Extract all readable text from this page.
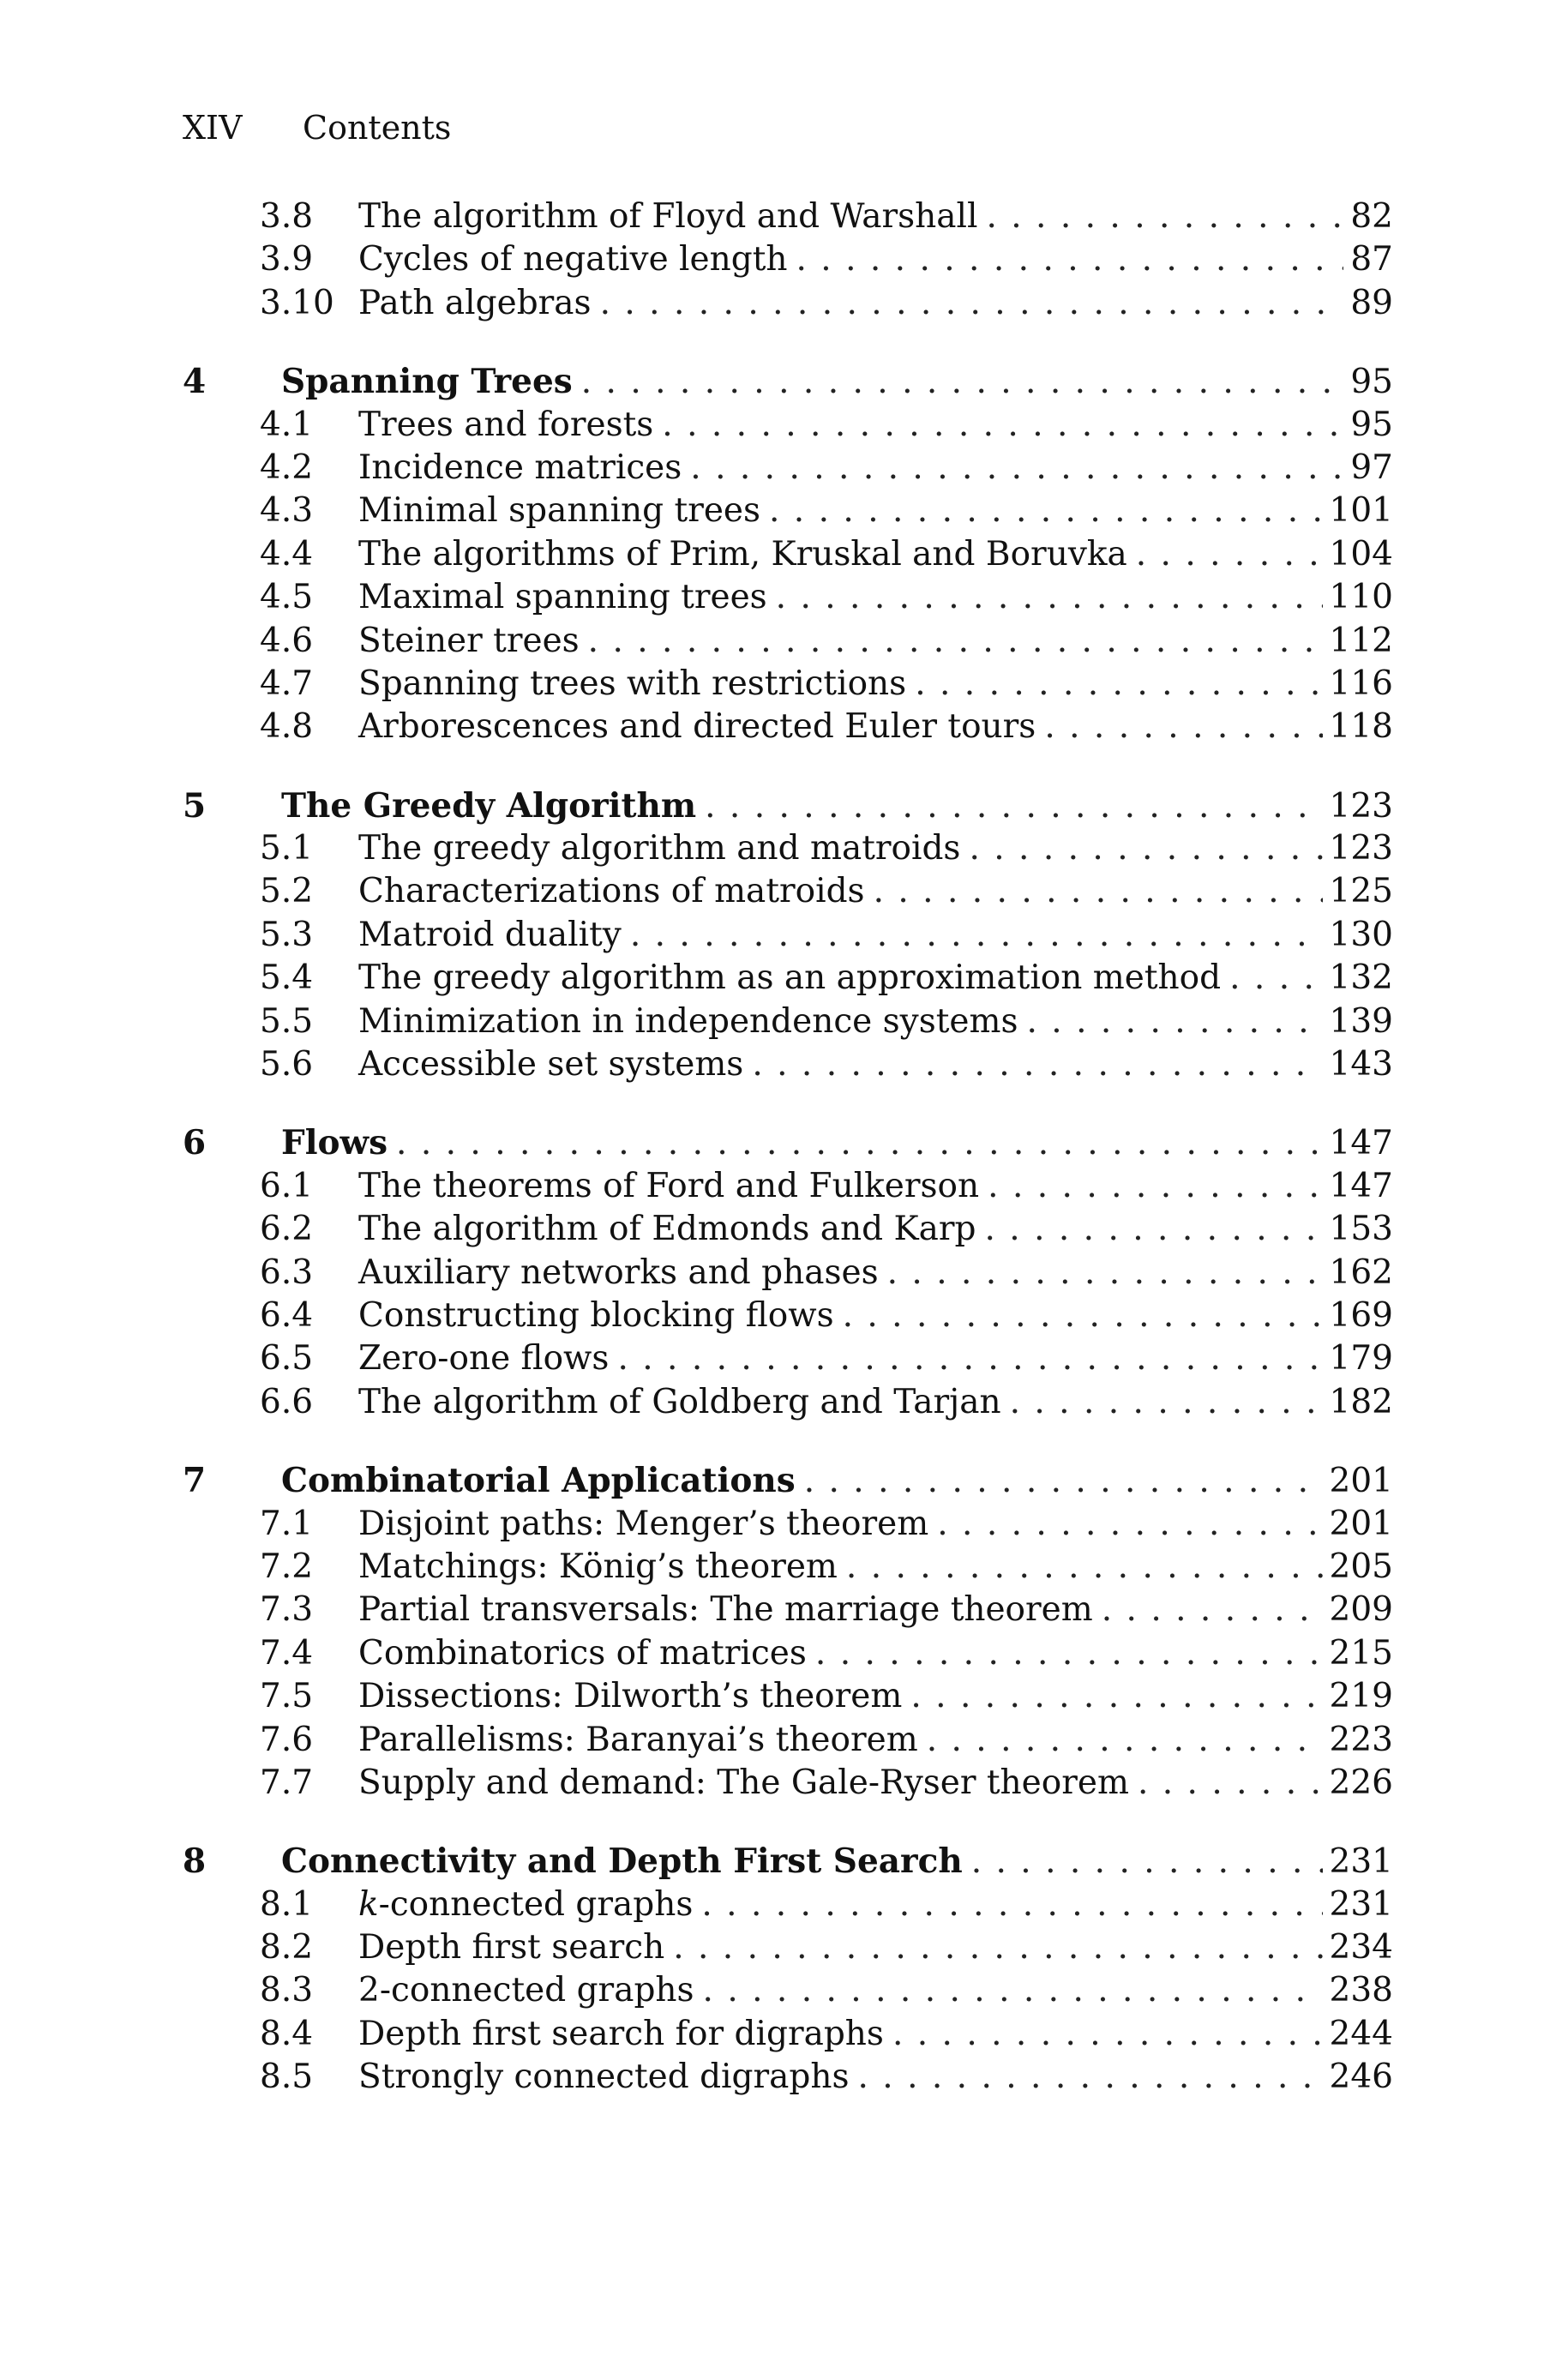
XIV Contents
3.8	The algorithm of Floyd and Warshall . . .	82
3.9	Cycles of negative length . . .	87
3.10 Path algebras . . .	89
4	Spanning Trees . . .	95
4.1	Trees and forests . . .	95
4.2	Incidence matrices . . .	97
4.3	Minimal spanning trees . . .	101
4.4	The algorithms of Prim, Kruskal and Boruvka . . .	104
4.5	Maximal spanning trees . . .	110
4.6	Steiner trees . . .	112
4.7	Spanning trees with restrictions . . .	116
4.8	Arborescences and directed Euler tours . . .	118
5	The Greedy Algorithm . . .	123
5.1	The greedy algorithm and matroids . . .	123
5.2	Characterizations of matroids . . .	125
5.3	Matroid duality . . .	130
5.4	The greedy algorithm as an approximation method . . .	132
5.5	Minimization in independence systems . . .	139
5.6	Accessible set systems . . .	143
6	Flows . . .	147
6.1	The theorems of Ford and Fulkerson . . .	147
6.2	The algorithm of Edmonds and Karp . . .	153
6.3	Auxiliary networks and phases . . .	162
6.4	Constructing blocking flows . . .	169
6.5	Zero-one flows . . .	179
6.6	The algorithm of Goldberg and Tarjan . . .	182
7	Combinatorial Applications . . .	201
7.1	Disjoint paths: Menger’s theorem . . .	201
7.2	Matchings: König’s theorem . . .	205
7.3	Partial transversals: The marriage theorem . . .	209
7.4	Combinatorics of matrices . . .	215
7.5	Dissections: Dilworth’s theorem . . .	219
7.6	Parallelisms: Baranyai’s theorem . . .	223
7.7	Supply and demand: The Gale-Ryser theorem . . .	226
8	Connectivity and Depth First Search . . .	231
8.1	k-connected graphs . . .	231
8.2	Depth first search . . .	234
8.3	2-connected graphs . . .	238
8.4	Depth first search for digraphs . . .	244
8.5	Strongly connected digraphs . . .	246
